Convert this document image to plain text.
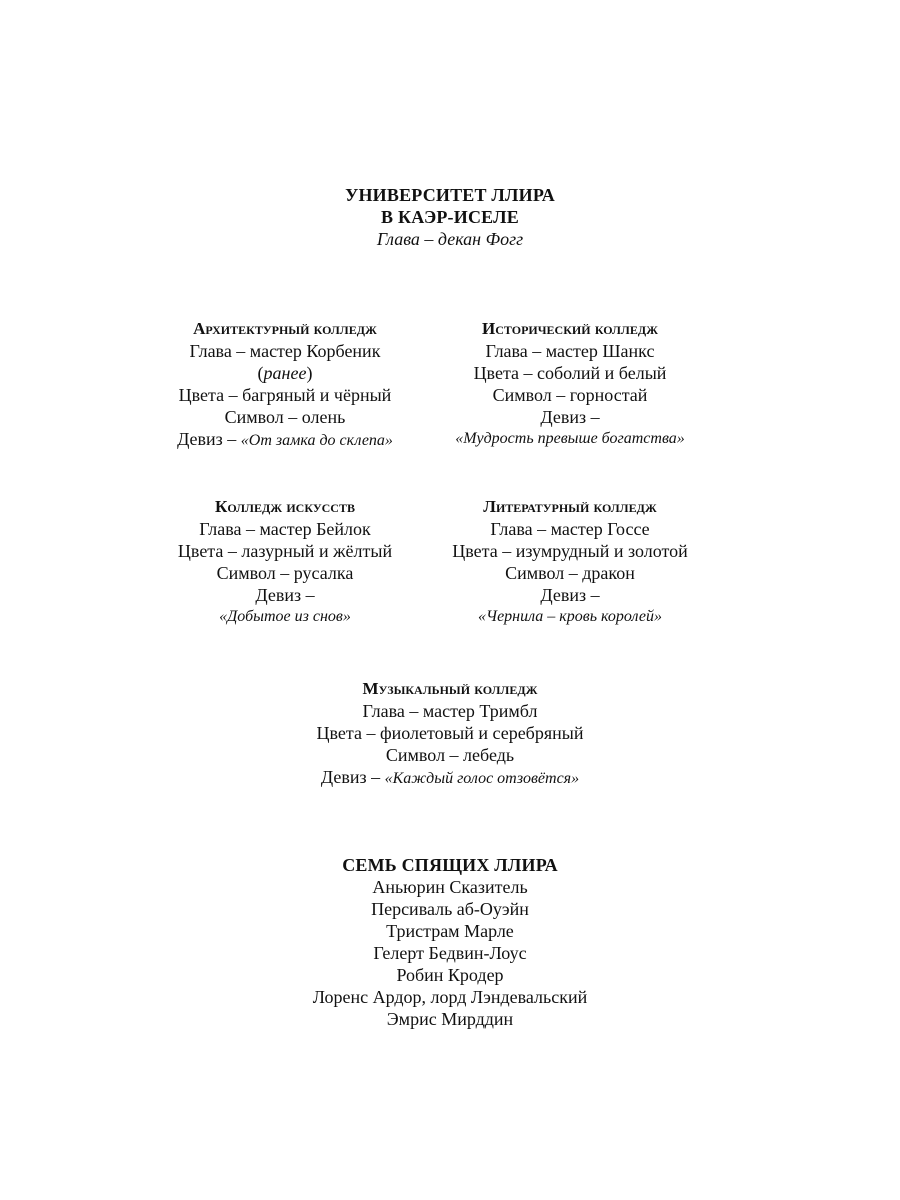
УНИВЕРСИТЕТ ЛЛИРА
В КАЭР-ИСЕЛЕ
Глава – декан Фогг
Архитектурный колледж
Глава – мастер Корбеник
(ранее)
Цвета – багряный и чёрный
Символ – олень
Девиз – «От замка до склепа»
Исторический колледж
Глава – мастер Шанкс
Цвета – соболий и белый
Символ – горностай
Девиз –
«Мудрость превыше богатства»
Колледж искусств
Глава – мастер Бейлок
Цвета – лазурный и жёлтый
Символ – русалка
Девиз –
«Добытое из снов»
Литературный колледж
Глава – мастер Госсе
Цвета – изумрудный и золотой
Символ – дракон
Девиз –
«Чернила – кровь королей»
Музыкальный колледж
Глава – мастер Тримбл
Цвета – фиолетовый и серебряный
Символ – лебедь
Девиз – «Каждый голос отзовётся»
СЕМЬ СПЯЩИХ ЛЛИРА
Аньюрин Сказитель
Персиваль аб-Оуэйн
Тристрам Марле
Гелерт Бедвин-Лоус
Робин Кродер
Лоренс Ардор, лорд Лэндевальский
Эмрис Мирддин
